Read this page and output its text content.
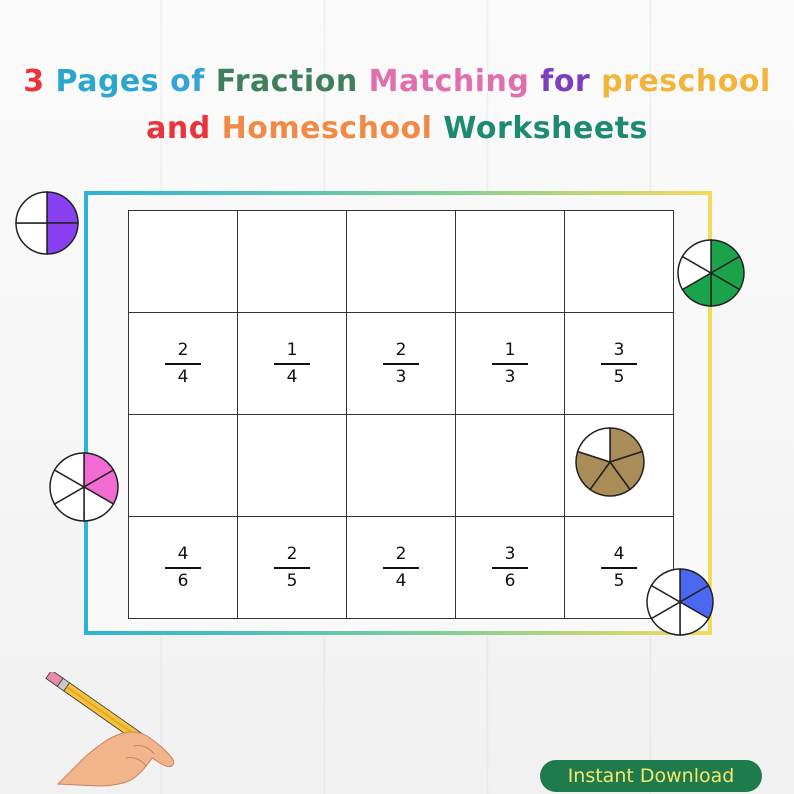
3 Pages of Fraction Matching for preschool
and Homeschool Worksheets

$\frac{2}{4}$	$\frac{1}{4}$	$\frac{2}{3}$	$\frac{1}{3}$	$\frac{3}{5}$

$\frac{4}{6}$	$\frac{2}{5}$	$\frac{2}{4}$	$\frac{3}{6}$	$\frac{4}{5}$
Instant Download
